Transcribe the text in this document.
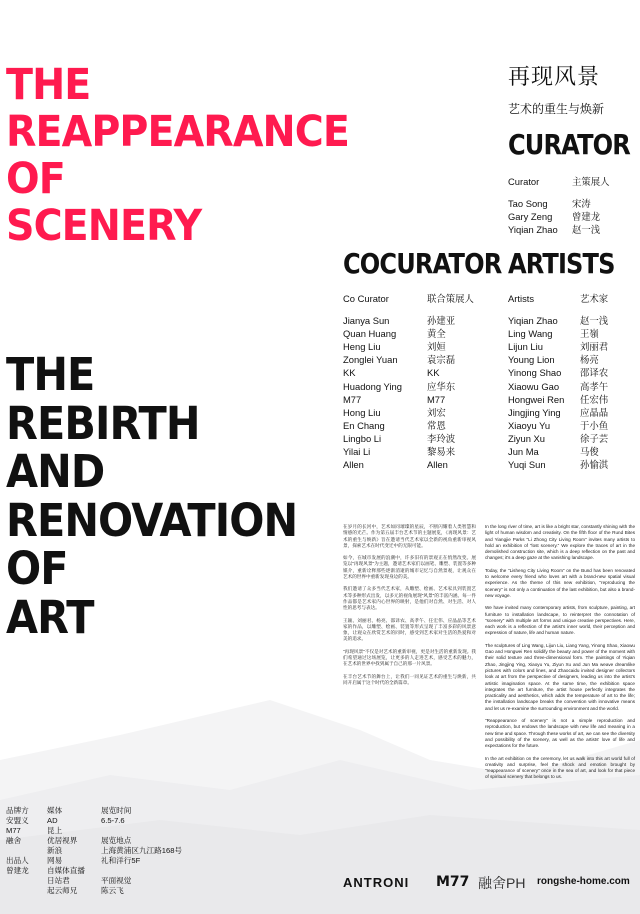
THE
REAPPEARANCE
OF
SCENERY
THE
REBIRTH
AND
RENOVATION
OF
ART
再现风景
艺术的重生与焕新
CURATOR
Curator
Tao Song
Gary Zeng
Yiqian Zhao
主策展人
宋涛
曾建龙
赵一浅
COCURATOR
Co Curator
Jianya Sun
Quan Huang
Heng Liu
Zonglei Yuan
KK
Huadong Ying
M77
Hong Liu
En Chang
Lingbo Li
Yilai Li
Allen
联合策展人
孙建亚
黄全
刘姮
袁宗磊
KK
应华东
M77
刘宏
常恩
李玲波
黎易来
Allen
ARTISTS
Artists
Yiqian Zhao
Ling Wang
Lijun Liu
Young Lion
Yinong Shao
Xiaowu Gao
Hongwei Ren
Jingjing Ying
Xiaoyu Yu
Ziyun Xu
Jun Ma
Yuqi Sun
艺术家
赵一浅
王嶺
刘丽君
杨亮
邵译农
高孝午
任宏伟
应晶晶
于小鱼
徐子芸
马俊
孙愉淇

在岁月的长河中，艺术如同璀璨的星辰，不断闪耀着人类智慧和情感的光芒。作为第五届丰台艺术节的主题展览，《再现风景：艺术的重生与焕新》旨在邀请当代艺术家以全新的视角重新审视风景，探索艺术在时代变迁中的无限可能。

如今，在城市发展的浪潮中，许多旧有的景观正在悄然改变。展览以"再现风景"为主题，邀请艺术家们以画笔、雕塑、装置等多种媒介，重新诠释那些逐渐消逝的城市记忆与自然景观，让观众在艺术的世界中重新发现身边的美。

我们邀请了众多当代艺术家，从雕塑、绘画、艺术家具到装置艺术等多种形式出发，以多元的视角展现"风景"的丰富内涵。每一件作品都是艺术家内心世界的映射，是他们对自然、对生活、对人性的思考与表达。

王颖、刘丽君、杨亮、邵译农、高孝午、任宏伟、应晶晶等艺术家的作品，以雕塑、绘画、装置等形式呈现了丰富多彩的风景意象，让观众在欣赏艺术的同时，感受到艺术家对生活的热爱和对美的追求。

"再现风景"不仅是对艺术的重新审视，更是对生活的重新发现。我们希望通过这场展览，让更多的人走进艺术，感受艺术的魅力，在艺术的世界中找到属于自己的那一片风景。

在丰台艺术节的舞台上，让我们一同见证艺术的重生与焕新，共同开启属于这个时代的全新篇章。

In the long river of time, art is like a bright star, constantly shining with the light of human wisdom and creativity. On the fifth floor of the Rund Bites and Yiangjie Parks "Li Zhong City Living Room" invites many artists to hold an exhibition of "lost scenery." We explore the traces of art in the demolished construction site, which is a deep reflection on the past and changes; it's a deep gaze at the vanishing landscape.

Today, the "Lisheng City Living Room" on the Bund has been renovated to welcome every friend who loves art with a brand-new spatial visual experience. As the theme of this new exhibition, "reproducing the scenery" is not only a continuation of the last exhibition, but also a brand-new voyage.

We have invited many contemporary artists, from sculpture, painting, art furniture to installation landscape, to reinterpret the connotation of "scenery" with multiple art forms and unique creative perspectives. Here, each work is a reflection of the artist's inner world, their perception and expression of nature, life and human nature.

The sculptures of Ling Wang, Lijun Liu, Liang Yang, Yinong Shao, Xiaowu Gao and Hongwei Ren solidify the beauty and power of the moment with their solid texture and three-dimensional form. The paintings of Yiqian Zhao, Jingjing Ying, Xiaoyu Yu, Ziyun Xu and Jun Ma weave dreamlike pictures with colors and lines, and Zhaocaidu invited designer collectors look at art from the perspective of designers, leading us into the artist's artistic imagination space. At the same time, the exhibition space integrates the art furniture, the artist house perfectly integrates the practicality and aesthetics, which adds the temperature of art to the life; the installation landscape breaks the convention with innovative means and let us re-examine the surrounding environment and the world.

"Reappearance of scenery" is not a simple reproduction and reproduction, but endows the landscape with new life and meaning in a new time and space. Through these works of art, we can see the diversity and possibility of the scenery, as well as the artists' love of life and expectations for the future.

In the art exhibition on the ceremony, let us walk into this art world full of creativity and surprise, feel the shock and emotion brought by "reappearance of scenery" once in the sea of art, and look for that piece of spiritual scenery that belongs to us.

品牌方
安盟义
M77
融舍

出品人
曾建龙
媒体
AD
昆上
优居视界
新浪
网易
自媒体直播
日站君
起云师兄
展览时间
6.5-7.6
展览地点
上海黄浦区九江路168号
礼和洋行5F
平面视觉
陈云飞
ANTRONI M77 融舍PH rongshe-home.com
